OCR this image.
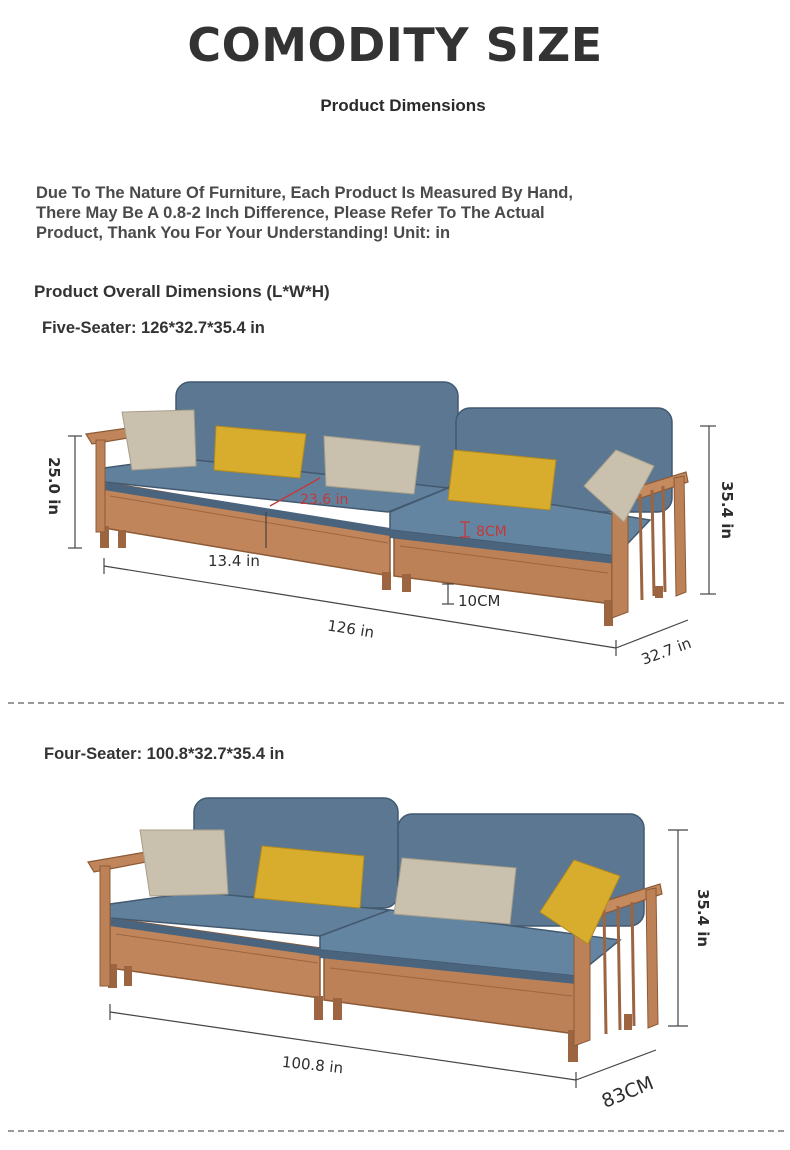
COMODITY SIZE
Product Dimensions
Due To The Nature Of Furniture, Each Product Is Measured By Hand,
There May Be A 0.8-2 Inch Difference, Please Refer To The Actual
Product, Thank You For Your Understanding! Unit: in
Product Overall Dimensions (L*W*H)
Five-Seater: 126*32.7*35.4 in
25.0 in	23.6 in
8CM
13.4 in
10CM
126 in
32.7 in
35.4 in
Four-Seater: 100.8*32.7*35.4 in
100.8 in
83CM
35.4 in
